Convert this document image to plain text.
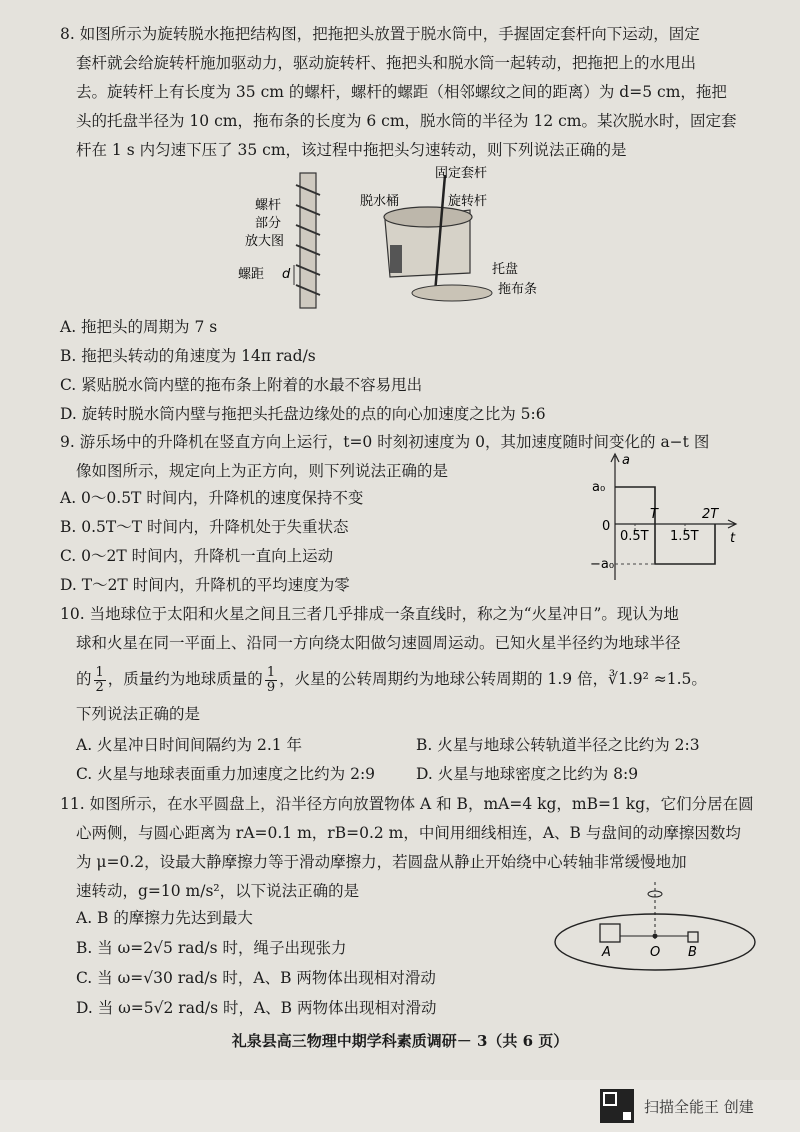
8. 如图所示为旋转脱水拖把结构图，把拖把头放置于脱水筒中，手握固定套杆向下运动，固定
套杆就会给旋转杆施加驱动力，驱动旋转杆、拖把头和脱水筒一起转动，把拖把上的水甩出
去。旋转杆上有长度为 35 cm 的螺杆，螺杆的螺距（相邻螺纹之间的距离）为 d=5 cm，拖把
头的托盘半径为 10 cm，拖布条的长度为 6 cm，脱水筒的半径为 12 cm。某次脱水时，固定套
杆在 1 s 内匀速下压了 35 cm，该过程中拖把头匀速转动，则下列说法正确的是
螺杆
部分
放大图
螺距 d
固定套杆
脱水桶	旋转杆
托盘
拖布条
A. 拖把头的周期为 7 s
B. 拖把头转动的角速度为 14π rad/s
C. 紧贴脱水筒内壁的拖布条上附着的水最不容易甩出
D. 旋转时脱水筒内壁与拖把头托盘边缘处的点的向心加速度之比为 5:6
9. 游乐场中的升降机在竖直方向上运行，t=0 时刻初速度为 0，其加速度随时间变化的 a−t 图
像如图所示，规定向上为正方向，则下列说法正确的是
A. 0～0.5T 时间内，升降机的速度保持不变
B. 0.5T～T 时间内，升降机处于失重状态
C. 0～2T 时间内，升降机一直向上运动
D. T～2T 时间内，升降机的平均速度为零
a
t
0
a₀
−a₀
T	2T
0.5T 1.5T
10. 当地球位于太阳和火星之间且三者几乎排成一条直线时，称之为“火星冲日”。现认为地
球和火星在同一平面上、沿同一方向绕太阳做匀速圆周运动。已知火星半径约为地球半径
的 $\frac{1}{2}$ ，质量约为地球质量的 $\frac{1}{9}$ ，火星的公转周期约为地球公转周期的 1.9 倍，∛1.9² ≈1.5。
下列说法正确的是
A. 火星冲日时间间隔约为 2.1 年	B. 火星与地球公转轨道半径之比约为 2:3
C. 火星与地球表面重力加速度之比约为 2:9	D. 火星与地球密度之比约为 8:9
11. 如图所示，在水平圆盘上，沿半径方向放置物体 A 和 B，mA=4 kg，mB=1 kg，它们分居在圆
心两侧，与圆心距离为 rA=0.1 m，rB=0.2 m，中间用细线相连，A、B 与盘间的动摩擦因数均
为 μ=0.2，设最大静摩擦力等于滑动摩擦力，若圆盘从静止开始绕中心转轴非常缓慢地加
速转动，g=10 m/s²，以下说法正确的是
A. B 的摩擦力先达到最大
B. 当 ω=2√5 rad/s 时，绳子出现张力
C. 当 ω=√30 rad/s 时，A、B 两物体出现相对滑动
D. 当 ω=5√2 rad/s 时，A、B 两物体出现相对滑动
A	O B
礼泉县高三物理中期学科素质调研－ 3（共 6 页）
扫描全能王 创建
